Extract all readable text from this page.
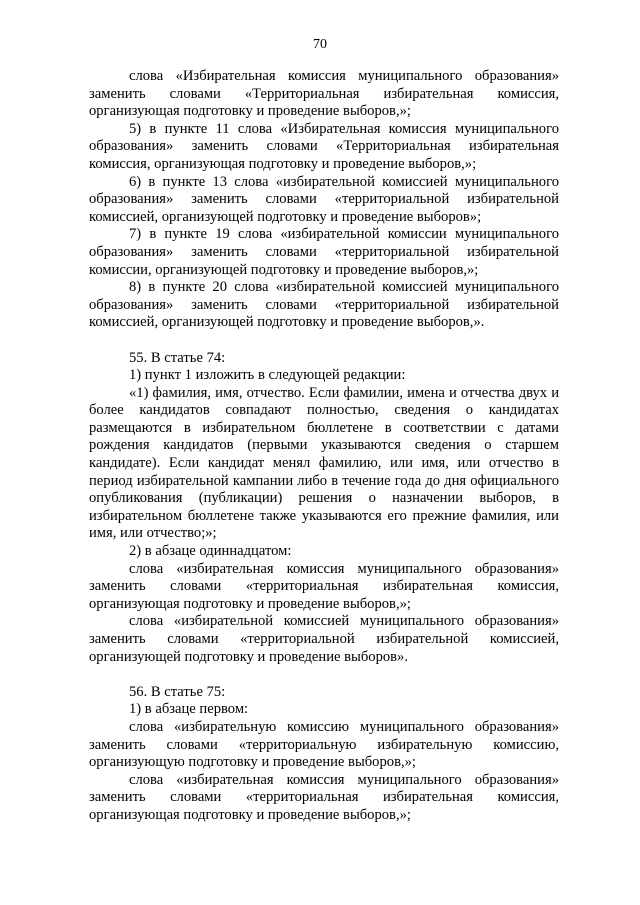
70

слова «Избирательная комиссия муниципального образования» заменить словами «Территориальная избирательная комиссия, организующая подготовку и проведение выборов,»;

5) в пункте 11 слова «Избирательная комиссия муниципального образования» заменить словами «Территориальная избирательная комиссия, организующая подготовку и проведение выборов,»;

6) в пункте 13 слова «избирательной комиссией муниципального образования» заменить словами «территориальной избирательной комиссией, организующей подготовку и проведение выборов»;

7) в пункте 19 слова «избирательной комиссии муниципального образования» заменить словами «территориальной избирательной комиссии, организующей подготовку и проведение выборов,»;

8) в пункте 20 слова «избирательной комиссией муниципального образования» заменить словами «территориальной избирательной комиссией, организующей подготовку и проведение выборов,».

55. В статье 74:

1) пункт 1 изложить в следующей редакции:

«1) фамилия, имя, отчество. Если фамилии, имена и отчества двух и более кандидатов совпадают полностью, сведения о кандидатах размещаются в избирательном бюллетене в соответствии с датами рождения кандидатов (первыми указываются сведения о старшем кандидате). Если кандидат менял фамилию, или имя, или отчество в период избирательной кампании либо в течение года до дня официального опубликования (публикации) решения о назначении выборов, в избирательном бюллетене также указываются его прежние фамилия, или имя, или отчество;»;

2) в абзаце одиннадцатом:

слова «избирательная комиссия муниципального образования» заменить словами «территориальная избирательная комиссия, организующая подготовку и проведение выборов,»;

слова «избирательной комиссией муниципального образования» заменить словами «территориальной избирательной комиссией, организующей подготовку и проведение выборов».

56. В статье 75:

1) в абзаце первом:

слова «избирательную комиссию муниципального образования» заменить словами «территориальную избирательную комиссию, организующую подготовку и проведение выборов,»;

слова «избирательная комиссия муниципального образования» заменить словами «территориальная избирательная комиссия, организующая подготовку и проведение выборов,»;
